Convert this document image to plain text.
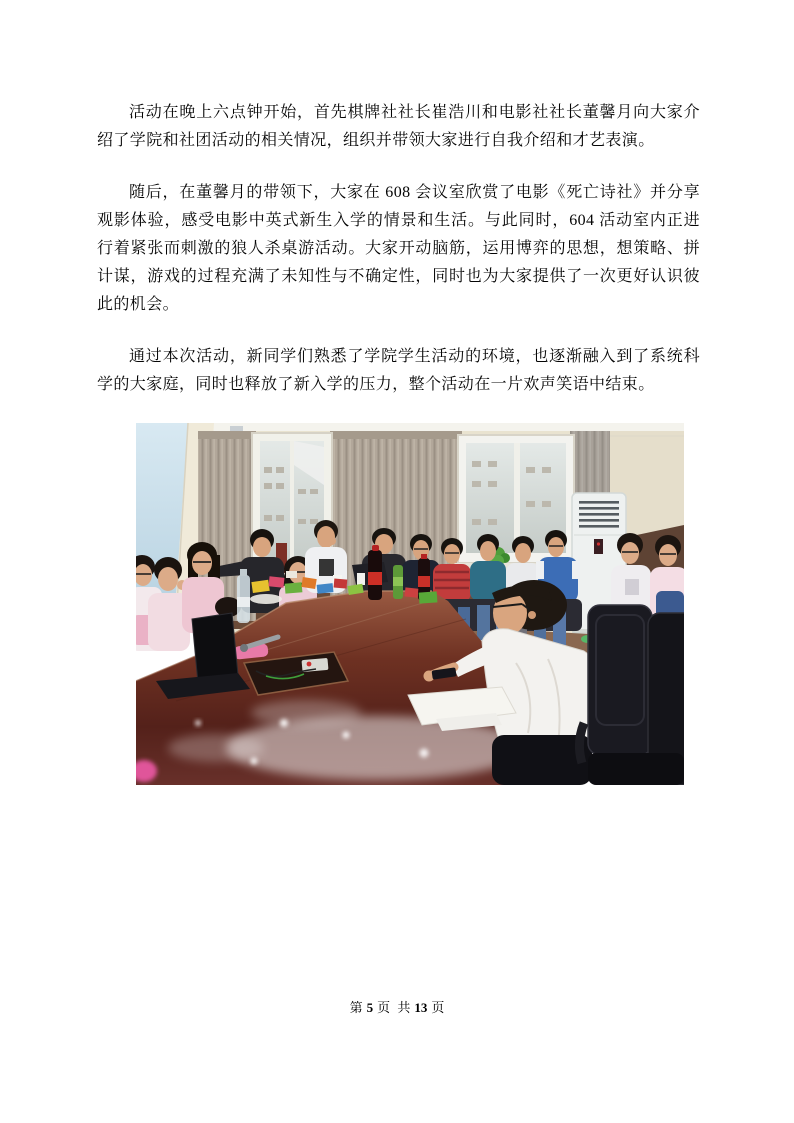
活动在晚上六点钟开始，首先棋牌社社长崔浩川和电影社社长董馨月向大家介绍了学院和社团活动的相关情况，组织并带领大家进行自我介绍和才艺表演。

随后，在董馨月的带领下，大家在 608 会议室欣赏了电影《死亡诗社》并分享观影体验，感受电影中英式新生入学的情景和生活。与此同时，604 活动室内正进行着紧张而刺激的狼人杀桌游活动。大家开动脑筋，运用博弈的思想，想策略、拼计谋，游戏的过程充满了未知性与不确定性，同时也为大家提供了一次更好认识彼此的机会。

通过本次活动，新同学们熟悉了学院学生活动的环境，也逐渐融入到了系统科学的大家庭，同时也释放了新入学的压力，整个活动在一片欢声笑语中结束。

第 5 页 共 13 页
